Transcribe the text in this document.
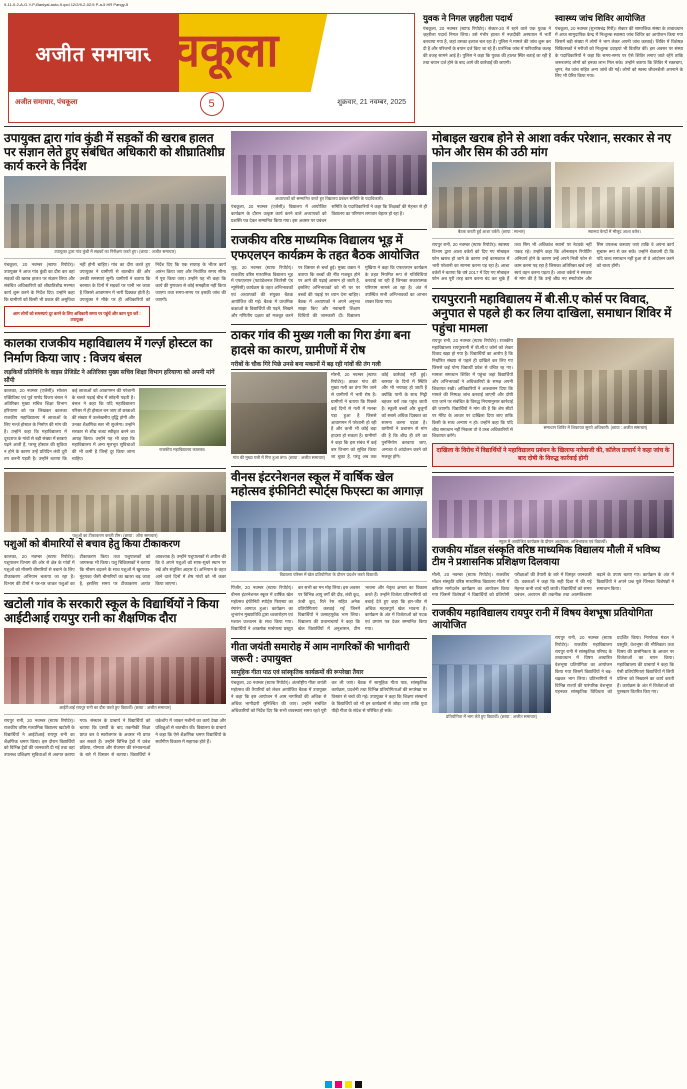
9-11-0-2-A-G-Y-P-Baniyal-auto-9.qxd 12/2/9-2-02:5 P-a-5 HR Pangy-5
अजीत समाचार
पंचकूला
अजीत समाचार, पंचकूला	शुक्रवार, 21 नवम्बर, 2025
5
युवक ने निगल ज़हरीला पदार्थ
पंचकूला, 20 नवम्बर (स्टाफ रिपोर्टर)। सेक्टर-20 में रहने वाले एक युवक ने ज़हरीला पदार्थ निगल लिया। उसे गंभीर हालत में नज़दीकी अस्पताल में भर्ती करवाया गया है, जहां उसका इलाज चल रहा है। पुलिस ने मामले की जांच शुरू कर दी है और परिजनों के बयान दर्ज किए जा रहे हैं। प्रारंभिक जांच में पारिवारिक कलह की वजह सामने आई है। पुलिस ने कहा कि युवक की हालत स्थिर बताई जा रही है तथा बयान दर्ज होने के बाद आगे की कार्रवाई की जाएगी।
स्वास्थ्य जांच शिविर आयोजित
पंचकूला, 20 नवम्बर (सुभाषचंद्र गिरी)। सेक्टर की सामाजिक संस्था के तत्वावधान में आज सामुदायिक केन्द्र में निःशुल्क स्वास्थ्य जांच शिविर का आयोजन किया गया जिसमें बड़ी संख्या में लोगों ने भाग लेकर अपनी जांच करवाई। शिविर में विशेषज्ञ चिकित्सकों ने मरीजों को निःशुल्क दवाइयां भी वितरित कीं। इस अवसर पर संस्था के पदाधिकारियों ने कहा कि समय-समय पर ऐसे शिविर लगाए जाते रहेंगे ताकि जरूरतमंद लोगों को इनका लाभ मिल सके। उन्होंने बताया कि शिविर में रक्तचाप, शुगर, नेत्र जांच सहित अन्य जांचें की गईं। लोगों को स्वस्थ जीवनशैली अपनाने के लिए भी प्रेरित किया गया।
उपायुक्त द्वारा गांव कुंडी में सड़कों की खराब हालत पर संज्ञान लेते हुए संबंधित अधिकारी को शीघ्रातिशीघ्र कार्य करने के निर्देश
उपायुक्त द्वारा गांव कुंडी में सड़कों का निरीक्षण करते हुए। (छाया : अजीत समाचार)
पंचकूला, 20 नवम्बर (स्टाफ रिपोर्टर)। उपायुक्त ने आज गांव कुंडी का दौरा कर वहां सड़कों की खराब हालत पर संज्ञान लिया और संबंधित अधिकारियों को शीघ्रातिशीघ्र मरम्मत कार्य शुरू करने के निर्देश दिए। उन्होंने कहा कि ग्रामीणों को किसी भी प्रकार की असुविधा नहीं होनी चाहिए। गांव का दौरा करते हुए उपायुक्त ने ग्रामीणों से बातचीत की और उनकी समस्याएं सुनीं। ग्रामीणों ने बताया कि बरसात के दिनों में सड़कों पर पानी भर जाता है जिससे आवागमन में भारी दिक्कत होती है। उपायुक्त ने मौके पर ही अधिकारियों को निर्देश दिए कि एक सप्ताह के भीतर कार्य आरंभ किया जाए और निर्धारित समय सीमा में पूरा किया जाए। उन्होंने यह भी कहा कि कार्य की गुणवत्ता से कोई समझौता नहीं किया जाएगा तथा समय-समय पर इसकी जांच की जाएगी।
आम लोगों को समस्याएं दूर करने के लिए अधिकारी समय पर पहुंचें और काम पूरा करें : उपायुक्त
कालका राजकीय महाविद्यालय में गर्ल्ज़ होस्टल का निर्माण किया जाए : विजय बंसल
लड़कियों प्रतिनिधि के वाइस प्रेजिडेंट ने अतिरिक्त मुख्य सचिव शिक्षा विभाग हरियाणा को अपनी मांगें सौंपी
कालका, 20 नवम्बर (एजेंसी)। सोशल एक्टिविस्ट एवं पूर्व पार्षद विजय बंसल ने अतिरिक्त मुख्य सचिव शिक्षा विभाग हरियाणा को पत्र लिखकर कालका राजकीय महाविद्यालय में छात्राओं के लिए गर्ल्ज़ होस्टल के निर्माण की मांग की है। उन्होंने कहा कि महाविद्यालय में दूरदराज के गांवों से बड़ी संख्या में छात्राएं पढ़ने आती हैं, परन्तु होस्टल की सुविधा न होने के कारण उन्हें प्रतिदिन लंबी दूरी तय करनी पड़ती है। उन्होंने बताया कि कई छात्राओं को आवागमन की परेशानी के चलते पढ़ाई बीच में छोड़नी पड़ती है। बंसल ने कहा कि यदि महाविद्यालय परिसर में ही होस्टल बन जाए तो छात्राओं की संख्या में उल्लेखनीय वृद्धि होगी और उनका शैक्षणिक स्तर भी सुधरेगा। उन्होंने सरकार से शीघ्र बजट स्वीकृत करने का आग्रह किया। उन्होंने यह भी कहा कि महाविद्यालय में अन्य मूलभूत सुविधाओं की भी कमी है जिन्हें दूर किया जाना चाहिए।
राजकीय महाविद्यालय कालका।
पशुओं का टीकाकरण करती टीम। (छाया : ऑफ समाचार)
पशुओं को बीमारियों से बचाव हेतु किया टीकाकरण
कालका, 20 नवम्बर (स्टाफ रिपोर्टर)। पशुपालन विभाग की ओर से क्षेत्र के गांवों में पशुओं को मौसमी बीमारियों से बचाने के लिए टीकाकरण अभियान चलाया जा रहा है। विभाग की टीमों ने घर-घर जाकर पशुओं का टीकाकरण किया तथा पशुपालकों को जागरूक भी किया। पशु चिकित्सकों ने बताया कि मौसम बदलने के साथ पशुओं में खुरपका-मुंहपका जैसी बीमारियों का खतरा बढ़ जाता है, इसलिए समय पर टीकाकरण अत्यंत आवश्यक है। उन्होंने पशुपालकों से अपील की कि वे अपने पशुओं को साफ-सुथरे स्थान पर रखें और संतुलित आहार दें। अभियान के तहत आने वाले दिनों में शेष गांवों को भी कवर किया जाएगा।
खटोली गांव के सरकारी स्कूल के विद्यार्थियों ने किया आईटीआई रायपुर रानी का शैक्षणिक दौरा
आईटीआई रायपुर रानी का दौरा करते हुए विद्यार्थी। (छाया : अजीत समाचार)
रायपुर रानी, 20 नवम्बर (स्टाफ रिपोर्टर)। राजकीय वरिष्ठ माध्यमिक विद्यालय खटोली के विद्यार्थियों ने आईटीआई रायपुर रानी का शैक्षणिक भ्रमण किया। इस दौरान विद्यार्थियों को विभिन्न ट्रेडों की जानकारी दी गई तथा वहां उपलब्ध प्रशिक्षण सुविधाओं से अवगत कराया गया। संस्थान के प्राचार्य ने विद्यार्थियों को बताया कि दसवीं के बाद तकनीकी शिक्षा प्राप्त कर वे स्वरोजगार के अवसर भी प्राप्त कर सकते हैं। उन्होंने विभिन्न ट्रेडों में प्रवेश प्रक्रिया, योग्यता और रोजगार की संभावनाओं के बारे में विस्तार से बताया। विद्यार्थियों ने वर्कशॉप में जाकर मशीनों का कार्य देखा और प्रशिक्षुओं से बातचीत की। विद्यालय के प्राचार्य ने कहा कि ऐसे शैक्षणिक भ्रमण विद्यार्थियों के सर्वांगीण विकास में सहायक होते हैं।
अध्यापकों को सम्मानित करते हुए विद्यालय प्रबंधन समिति के पदाधिकारी।
पंचकूला, 20 नवम्बर (एजेंसी)। विद्यालय में आयोजित कार्यक्रम के दौरान उत्कृष्ट कार्य करने वाले अध्यापकों को प्रशस्ति पत्र देकर सम्मानित किया गया। इस अवसर पर प्रबंधन समिति के पदाधिकारियों ने कहा कि शिक्षकों की मेहनत से ही विद्यालय का परिणाम लगातार बेहतर हो रहा है।
राजकीय वरिष्ठ माध्यमिक विद्यालय भूड़ में एफएलएन कार्यक्रम के तहत बैठक आयोजित
भूड़, 20 नवम्बर (स्टाफ रिपोर्टर)। राजकीय वरिष्ठ माध्यमिक विद्यालय भूड़ में एफएलएन (फाउंडेशनल लिटरेसी एंड न्यूमेरेसी) कार्यक्रम के तहत अभिभावकों एवं अध्यापकों की संयुक्त बैठक आयोजित की गई। बैठक में प्राथमिक कक्षाओं के विद्यार्थियों की पढ़ने, लिखने और गणितीय दक्षता को मजबूत करने पर विस्तार से चर्चा हुई। मुख्य वक्ता ने बताया कि बच्चों की नींव मजबूत होने पर आगे की पढ़ाई आसान हो जाती है, इसलिए अभिभावकों को भी घर पर बच्चों की पढ़ाई पर ध्यान देना चाहिए। बैठक में अध्यापकों ने अपने अनुभव साझा किए और नवाचारी शिक्षण विधियों की जानकारी दी। विद्यालय मुखिया ने कहा कि एफएलएन कार्यक्रम के तहत नियमित रूप से गतिविधियां करवाई जा रही हैं जिनका सकारात्मक परिणाम सामने आ रहा है। अंत में उपस्थित सभी अभिभावकों का आभार व्यक्त किया गया।
ठाकर गांव की मुख्य गली का गिरा डंगा बना हादसे का कारण, ग्रामीणों में रोष
गरीबों के चौक गिरे पिछे उनसे बना मकानों में बढ़ रही गांवों की तंग गली
गांव की मुख्य गली में गिरा हुआ डंगा। (छाया : अजीत समाचार)
मोरनी, 20 नवम्बर (स्टाफ रिपोर्टर)। ठाकर गांव की मुख्य गली का डंगा गिर जाने से ग्रामीणों में भारी रोष है। ग्रामीणों ने बताया कि पिछले कई दिनों से गली में मलबा पड़ा हुआ है जिससे आवागमन में परेशानी हो रही है और कभी भी कोई बड़ा हादसा हो सकता है। ग्रामीणों ने कहा कि इस संबंध में कई बार विभाग को सूचित किया जा चुका है, परंतु अब तक कोई कार्रवाई नहीं हुई। बरसात के दिनों में स्थिति और भी भयावह हो जाती है क्योंकि पानी के साथ मिट्टी बहकर घरों तक पहुंच जाती है। स्कूली बच्चों और बुजुर्गों को सबसे अधिक दिक्कत का सामना करना पड़ता है। ग्रामीणों ने प्रशासन से मांग की है कि शीघ्र ही डंगे का पुनर्निर्माण करवाया जाए, अन्यथा वे आंदोलन करने को मजबूर होंगे।
वीनस इंटरनेशनल स्कूल में वार्षिक खेल महोत्सव इंफीनिटी स्पोर्ट्स फिएस्टा का आगाज़
विद्यालय परिसर में खेल प्रतियोगिता के दौरान प्रदर्शन करते विद्यार्थी।
पिंजौर, 20 नवम्बर (स्टाफ रिपोर्टर)। वीनस इंटरनेशनल स्कूल में वार्षिक खेल महोत्सव इंफीनिटी स्पोर्ट्स फिएस्टा का रंगारंग आगाज़ हुआ। कार्यक्रम का शुभारंभ मुख्यातिथि द्वारा ध्वजारोहण एवं मशाल प्रज्वलन के साथ किया गया। विद्यार्थियों ने आकर्षक मार्चपास्ट प्रस्तुत कर सभी का मन मोह लिया। इस अवसर पर विभिन्न आयु वर्गों की दौड़, लंबी कूद, ऊंची कूद, रिले रेस सहित अनेक प्रतियोगिताएं करवाई गईं जिनमें विद्यार्थियों ने उत्साहपूर्वक भाग लिया। विद्यालय की प्रधानाचार्या ने कहा कि खेल विद्यार्थियों में अनुशासन, टीम भावना और नेतृत्व क्षमता का विकास करते हैं। उन्होंने विजेता प्रतिभागियों को बधाई देते हुए कहा कि हार-जीत से अधिक महत्वपूर्ण खेल भावना है। कार्यक्रम के अंत में विजेताओं को पदक एवं प्रमाण पत्र देकर सम्मानित किया गया।
गीता जयंती समारोह में आम नागरिकों की भागीदारी जरूरी : उपायुक्त
सामूहिक गीता पाठ एवं सांस्कृतिक कार्यक्रमों की रूपरेखा तैयार
पंचकूला, 20 नवम्बर (स्टाफ रिपोर्टर)। अंतर्राष्ट्रीय गीता जयंती महोत्सव की तैयारियों को लेकर आयोजित बैठक में उपायुक्त ने कहा कि इस आयोजन में आम नागरिकों की अधिक से अधिक भागीदारी सुनिश्चित की जाए। उन्होंने संबंधित अधिकारियों को निर्देश दिए कि सभी व्यवस्थाएं समय रहते पूरी कर ली जाएं। बैठक में सामूहिक गीता पाठ, सांस्कृतिक कार्यक्रम, प्रदर्शनी तथा विभिन्न प्रतियोगिताओं की रूपरेखा पर विस्तार से चर्चा की गई। उपायुक्त ने कहा कि शिक्षण संस्थानों के विद्यार्थियों को भी इन कार्यक्रमों से जोड़ा जाए ताकि युवा पीढ़ी गीता के संदेश से परिचित हो सके।
मोबाइल खराब होने से आशा वर्कर परेशान, सरकार से नए फोन और सिम की उठी मांग
बैठक करती हुई आशा वर्करें। (छाया : साभार)	स्वास्थ्य केन्द्रों में मौजूद आशा वर्कर।
रायपुर रानी, 20 नवम्बर (स्टाफ रिपोर्टर)। स्वास्थ्य विभाग द्वारा आशा वर्करों को दिए गए मोबाइल फोन खराब हो जाने के कारण उन्हें कामकाज में भारी परेशानी का सामना करना पड़ रहा है। आशा वर्करों ने बताया कि वर्ष 2017 में दिए गए मोबाइल फोन अब पूरी तरह काम करना बंद कर चुके हैं तथा सिम भी अधिकांश स्थानों पर नेटवर्क नहीं पकड़ रहे। उन्होंने कहा कि ऑनलाइन रिपोर्टिंग अनिवार्य होने के कारण उन्हें अपने निजी फोन से काम करना पड़ रहा है जिसका अतिरिक्त खर्च उन्हें स्वयं वहन करना पड़ता है। आशा वर्करों ने सरकार से मांग की है कि उन्हें शीघ्र नए स्मार्टफोन और सिम उपलब्ध करवाए जाएं ताकि वे अपना कार्य सुचारू रूप से कर सकें। उन्होंने चेतावनी दी कि यदि जल्द समाधान नहीं हुआ तो वे आंदोलन करने को बाध्य होंगी।
रायपुररानी महाविद्यालय में बी.सी.ए कोर्स पर विवाद, अनुपात से पहले ही कर लिया दाखिला, समाधान शिविर में पहुंचा मामला
रायपुर रानी, 20 नवम्बर (स्टाफ रिपोर्टर)। राजकीय महाविद्यालय रायपुररानी में बी.सी.ए कोर्स को लेकर विवाद खड़ा हो गया है। विद्यार्थियों का आरोप है कि निर्धारित संख्या से पहले ही दाखिले कर लिए गए जिससे कई योग्य विद्यार्थी प्रवेश से वंचित रह गए। मामला समाधान शिविर में पहुंचा जहां विद्यार्थियों और अभिभावकों ने अधिकारियों के समक्ष अपनी शिकायत रखी। अधिकारियों ने आश्वासन दिया कि मामले की निष्पक्ष जांच करवाई जाएगी और दोषी पाए जाने पर संबंधित के विरुद्ध नियमानुसार कार्रवाई की जाएगी। विद्यार्थियों ने मांग की है कि शेष सीटों पर मेरिट के आधार पर दाखिला दिया जाए ताकि किसी के साथ अन्याय न हो। उन्होंने कहा कि यदि शीघ्र समाधान नहीं निकला तो वे उच्च अधिकारियों से शिकायत करेंगे।
समाधान शिविर में शिकायत सुनते अधिकारी। (छाया : अजीत समाचार)
दाखिला के विरोध में विद्यार्थियों ने महाविद्यालय प्रबंधन के खिलाफ नारेबाजी की, कॉलेज प्राचार्य ने कहा जांच के बाद दोषी के विरुद्ध कार्रवाई होगी
स्कूल में आयोजित कार्यक्रम के दौरान अध्यापक, अभिभावक एवं विद्यार्थी।
राजकीय मॉडल संस्कृति वरिष्ठ माध्यमिक विद्यालय मौली में भविष्य टीम ने प्रशासनिक प्रशिक्षण दिलवाया
मौली, 20 नवम्बर (स्टाफ रिपोर्टर)। राजकीय मॉडल संस्कृति वरिष्ठ माध्यमिक विद्यालय मौली में करियर मार्गदर्शन कार्यक्रम का आयोजन किया गया जिसमें विशेषज्ञों ने विद्यार्थियों को प्रतियोगी परीक्षाओं की तैयारी के बारे में विस्तृत जानकारी दी। वक्ताओं ने कहा कि सही दिशा में की गई मेहनत कभी व्यर्थ नहीं जाती। विद्यार्थियों को समय प्रबंधन, अध्ययन की तकनीक तथा आत्मविश्वास बढ़ाने के उपाय बताए गए। कार्यक्रम के अंत में विद्यार्थियों ने अपने प्रश्न पूछे जिनका विशेषज्ञों ने समाधान किया।
राजकीय महाविद्यालय रायपुर रानी में विषय वेशभूषा प्रतियोगिता आयोजित
प्रतियोगिता में भाग लेते हुए विद्यार्थी। (छाया : अजीत समाचार)
रायपुर रानी, 20 नवम्बर (स्टाफ रिपोर्टर)। राजकीय महाविद्यालय रायपुर रानी में सांस्कृतिक परिषद के तत्वावधान में विषय आधारित वेशभूषा प्रतियोगिता का आयोजन किया गया जिसमें विद्यार्थियों ने बढ़-चढ़कर भाग लिया। प्रतिभागियों ने विभिन्न राज्यों की पारंपरिक वेशभूषा पहनकर सांस्कृतिक विविधता को प्रदर्शित किया। निर्णायक मंडल ने प्रस्तुति, वेशभूषा की मौलिकता तथा विषय की प्रासंगिकता के आधार पर विजेताओं का चयन किया। महाविद्यालय की प्राचार्या ने कहा कि ऐसी प्रतियोगिताएं विद्यार्थियों में छिपी प्रतिभा को निखारने का कार्य करती हैं। कार्यक्रम के अंत में विजेताओं को पुरस्कार वितरित किए गए।
